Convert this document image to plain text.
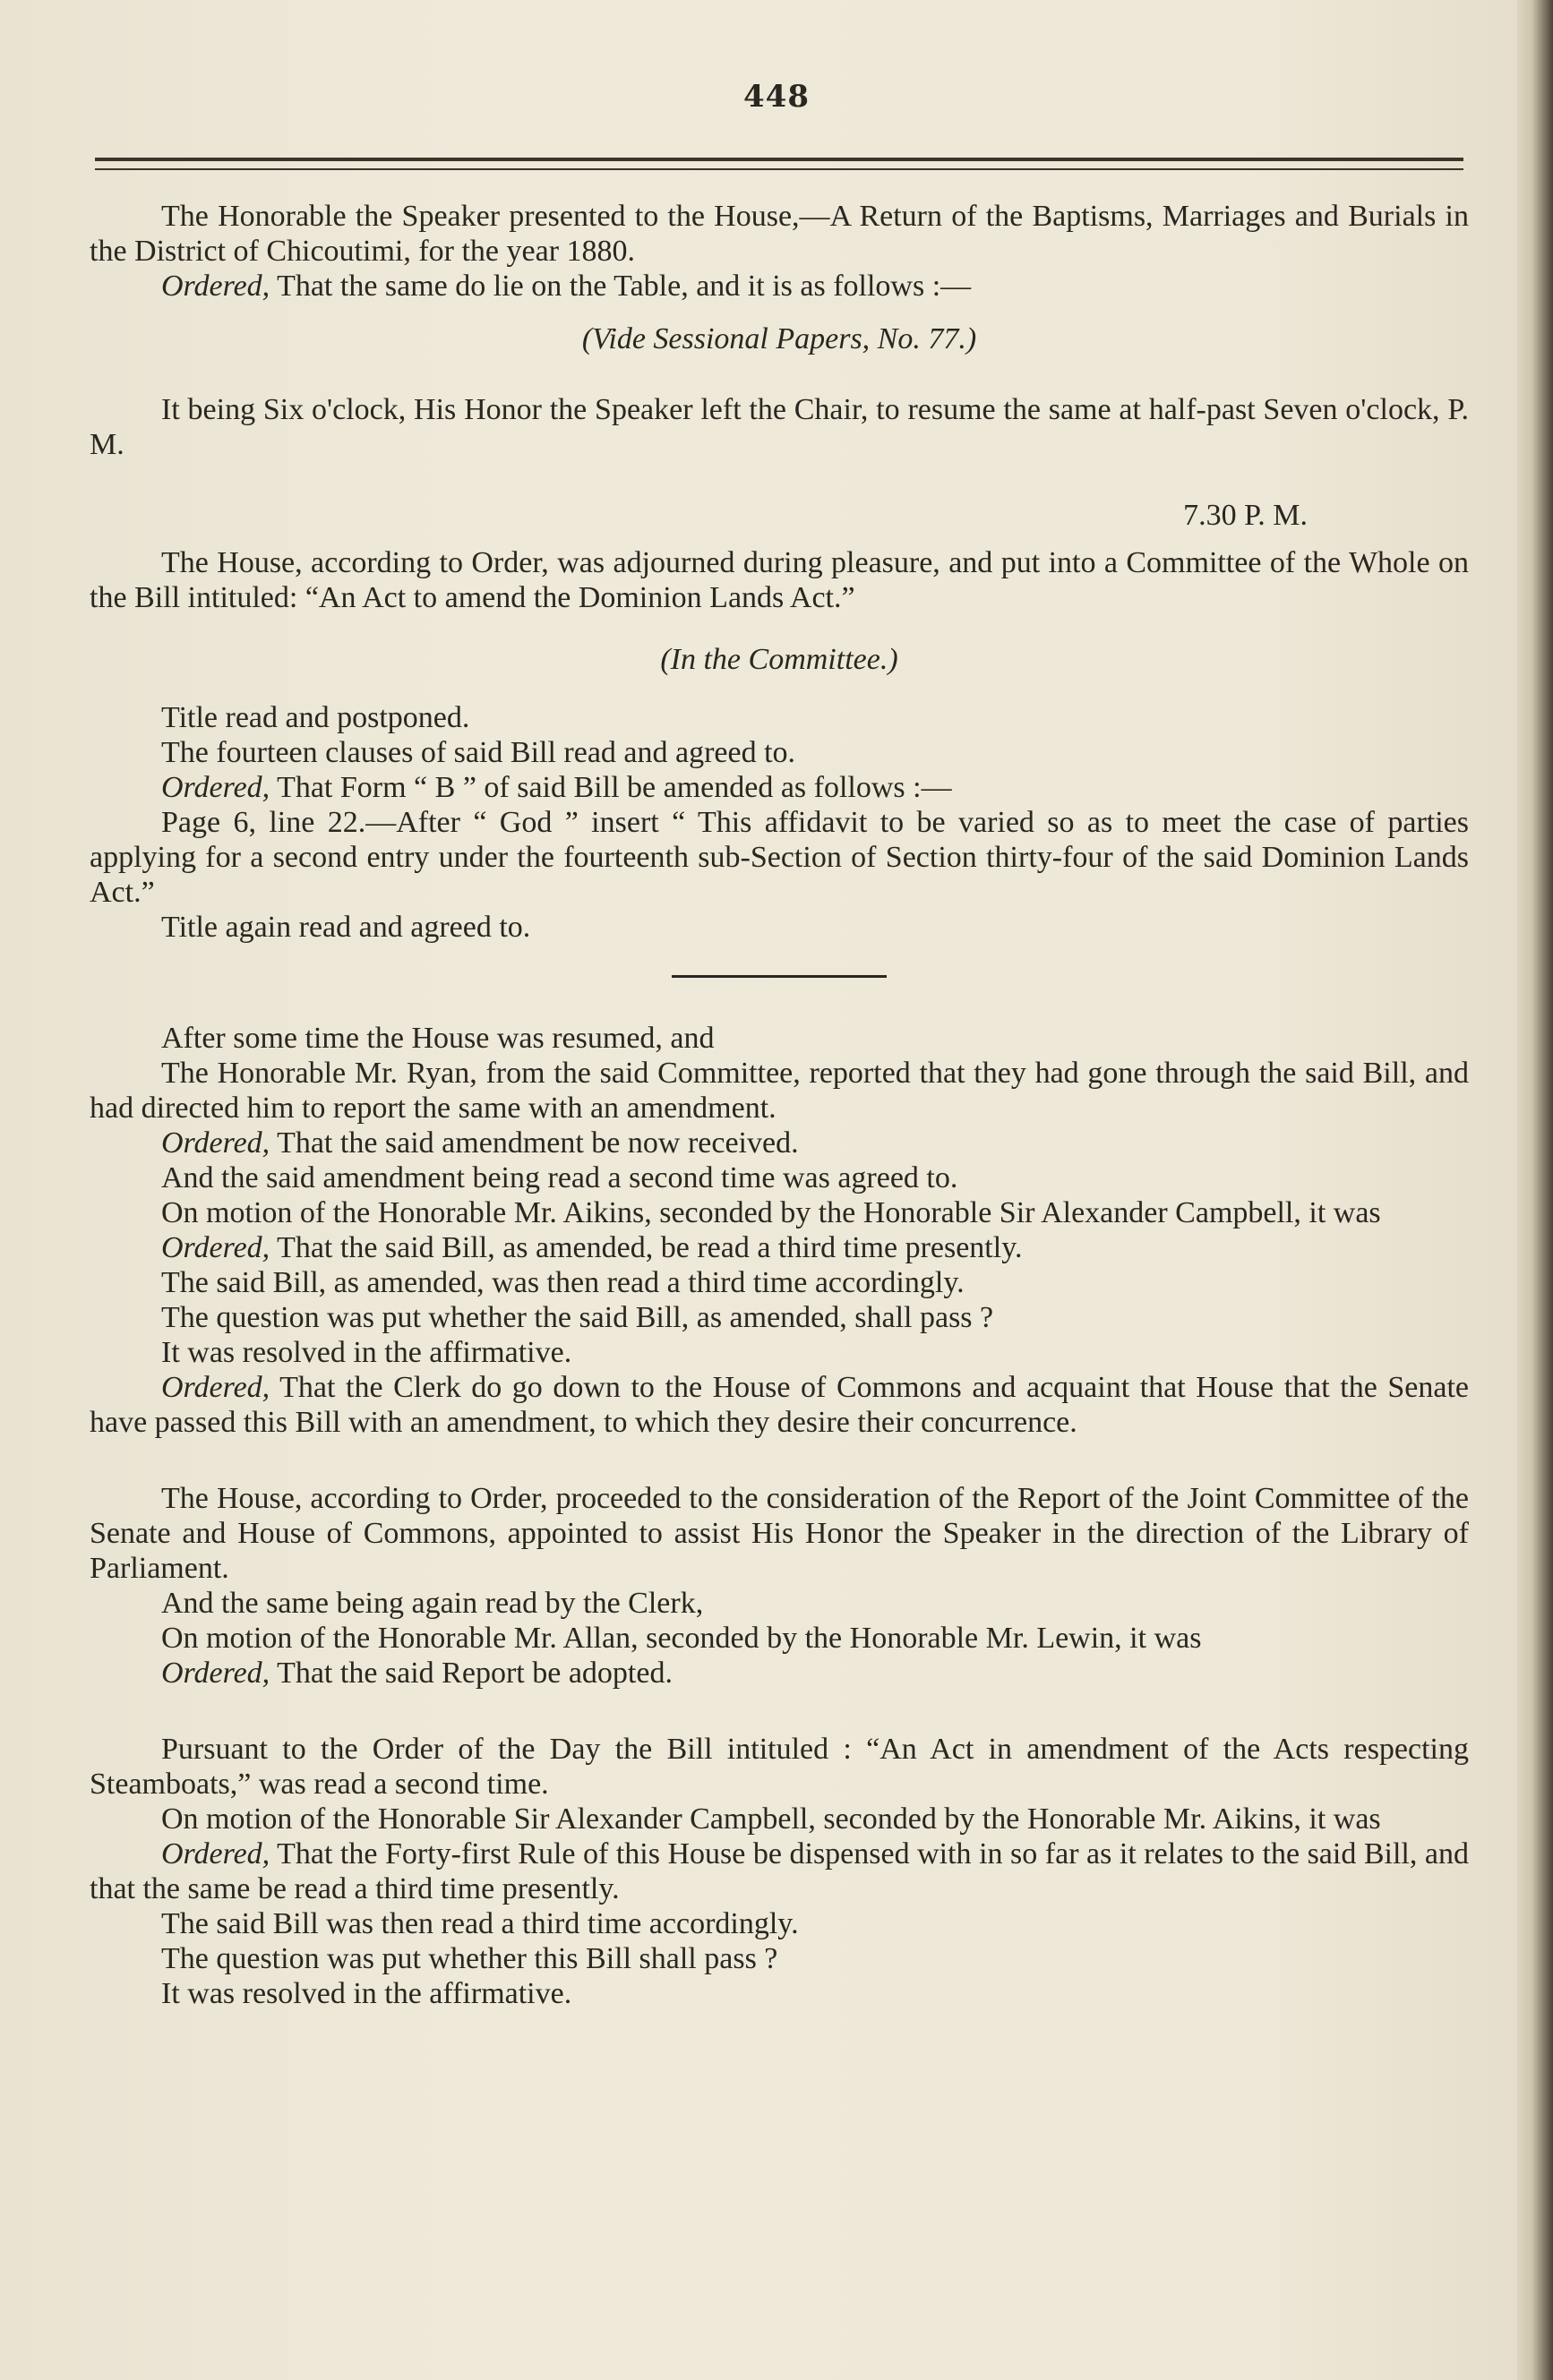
448

The Honorable the Speaker presented to the House,—A Return of the Baptisms, Marriages and Burials in the District of Chicoutimi, for the year 1880.

Ordered, That the same do lie on the Table, and it is as follows :—

(Vide Sessional Papers, No. 77.)

It being Six o'clock, His Honor the Speaker left the Chair, to resume the same at half-past Seven o'clock, P. M.

7.30 P. M.

The House, according to Order, was adjourned during pleasure, and put into a Committee of the Whole on the Bill intituled: “An Act to amend the Dominion Lands Act.”

(In the Committee.)

Title read and postponed.

The fourteen clauses of said Bill read and agreed to.

Ordered, That Form “ B ” of said Bill be amended as follows :—

Page 6, line 22.—After “ God ” insert “ This affidavit to be varied so as to meet the case of parties applying for a second entry under the fourteenth sub-Section of Section thirty-four of the said Dominion Lands Act.”

Title again read and agreed to.

After some time the House was resumed, and

The Honorable Mr. Ryan, from the said Committee, reported that they had gone through the said Bill, and had directed him to report the same with an amendment.

Ordered, That the said amendment be now received.

And the said amendment being read a second time was agreed to.

On motion of the Honorable Mr. Aikins, seconded by the Honorable Sir Alexander Campbell, it was

Ordered, That the said Bill, as amended, be read a third time presently.

The said Bill, as amended, was then read a third time accordingly.

The question was put whether the said Bill, as amended, shall pass ?

It was resolved in the affirmative.

Ordered, That the Clerk do go down to the House of Commons and acquaint that House that the Senate have passed this Bill with an amendment, to which they desire their concurrence.

The House, according to Order, proceeded to the consideration of the Report of the Joint Committee of the Senate and House of Commons, appointed to assist His Honor the Speaker in the direction of the Library of Parliament.

And the same being again read by the Clerk,

On motion of the Honorable Mr. Allan, seconded by the Honorable Mr. Lewin, it was

Ordered, That the said Report be adopted.

Pursuant to the Order of the Day the Bill intituled : “An Act in amendment of the Acts respecting Steamboats,” was read a second time.

On motion of the Honorable Sir Alexander Campbell, seconded by the Honorable Mr. Aikins, it was

Ordered, That the Forty-first Rule of this House be dispensed with in so far as it relates to the said Bill, and that the same be read a third time presently.

The said Bill was then read a third time accordingly.

The question was put whether this Bill shall pass ?

It was resolved in the affirmative.
